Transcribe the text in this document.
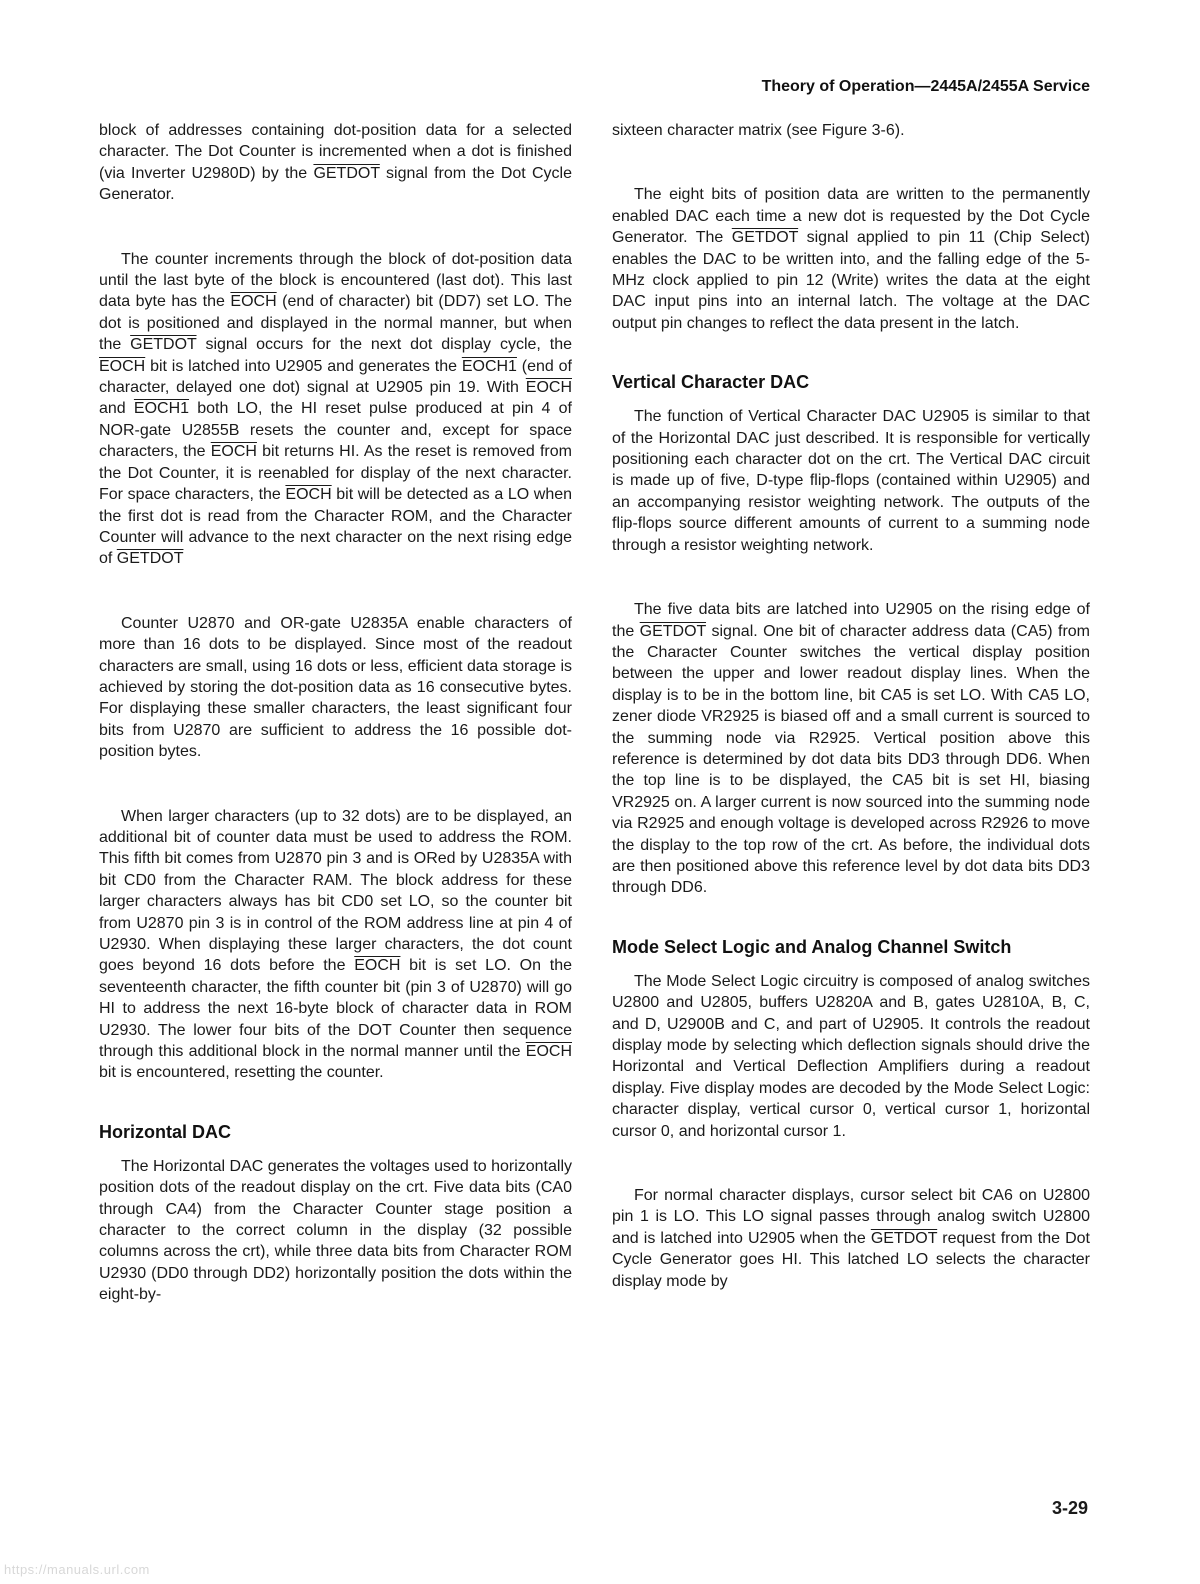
Theory of Operation—2445A/2455A Service

block of addresses containing dot-position data for a selected character. The Dot Counter is incremented when a dot is finished (via Inverter U2980D) by the GETDOT signal from the Dot Cycle Generator.

The counter increments through the block of dot-position data until the last byte of the block is encountered (last dot). This last data byte has the EOCH (end of character) bit (DD7) set LO. The dot is positioned and displayed in the normal manner, but when the GETDOT signal occurs for the next dot display cycle, the EOCH bit is latched into U2905 and generates the EOCH1 (end of character, delayed one dot) signal at U2905 pin 19. With EOCH and EOCH1 both LO, the HI reset pulse produced at pin 4 of NOR-gate U2855B resets the counter and, except for space characters, the EOCH bit returns HI. As the reset is removed from the Dot Counter, it is reenabled for display of the next character. For space characters, the EOCH bit will be detected as a LO when the first dot is read from the Character ROM, and the Character Counter will advance to the next character on the next rising edge of GETDOT

Counter U2870 and OR-gate U2835A enable characters of more than 16 dots to be displayed. Since most of the readout characters are small, using 16 dots or less, efficient data storage is achieved by storing the dot-position data as 16 consecutive bytes. For displaying these smaller characters, the least significant four bits from U2870 are sufficient to address the 16 possible dot-position bytes.

When larger characters (up to 32 dots) are to be displayed, an additional bit of counter data must be used to address the ROM. This fifth bit comes from U2870 pin 3 and is ORed by U2835A with bit CD0 from the Character RAM. The block address for these larger characters always has bit CD0 set LO, so the counter bit from U2870 pin 3 is in control of the ROM address line at pin 4 of U2930. When displaying these larger characters, the dot count goes beyond 16 dots before the EOCH bit is set LO. On the seventeenth character, the fifth counter bit (pin 3 of U2870) will go HI to address the next 16-byte block of character data in ROM U2930. The lower four bits of the DOT Counter then sequence through this additional block in the normal manner until the EOCH bit is encountered, resetting the counter.

Horizontal DAC

The Horizontal DAC generates the voltages used to horizontally position dots of the readout display on the crt. Five data bits (CA0 through CA4) from the Character Counter stage position a character to the correct column in the display (32 possible columns across the crt), while three data bits from Character ROM U2930 (DD0 through DD2) horizontally position the dots within the eight-by-

sixteen character matrix (see Figure 3-6).

The eight bits of position data are written to the permanently enabled DAC each time a new dot is requested by the Dot Cycle Generator. The GETDOT signal applied to pin 11 (Chip Select) enables the DAC to be written into, and the falling edge of the 5-MHz clock applied to pin 12 (Write) writes the data at the eight DAC input pins into an internal latch. The voltage at the DAC output pin changes to reflect the data present in the latch.

Vertical Character DAC

The function of Vertical Character DAC U2905 is similar to that of the Horizontal DAC just described. It is responsible for vertically positioning each character dot on the crt. The Vertical DAC circuit is made up of five, D-type flip-flops (contained within U2905) and an accompanying resistor weighting network. The outputs of the flip-flops source different amounts of current to a summing node through a resistor weighting network.

The five data bits are latched into U2905 on the rising edge of the GETDOT signal. One bit of character address data (CA5) from the Character Counter switches the vertical display position between the upper and lower readout display lines. When the display is to be in the bottom line, bit CA5 is set LO. With CA5 LO, zener diode VR2925 is biased off and a small current is sourced to the summing node via R2925. Vertical position above this reference is determined by dot data bits DD3 through DD6. When the top line is to be displayed, the CA5 bit is set HI, biasing VR2925 on. A larger current is now sourced into the summing node via R2925 and enough voltage is developed across R2926 to move the display to the top row of the crt. As before, the individual dots are then positioned above this reference level by dot data bits DD3 through DD6.

Mode Select Logic and Analog Channel Switch

The Mode Select Logic circuitry is composed of analog switches U2800 and U2805, buffers U2820A and B, gates U2810A, B, C, and D, U2900B and C, and part of U2905. It controls the readout display mode by selecting which deflection signals should drive the Horizontal and Vertical Deflection Amplifiers during a readout display. Five display modes are decoded by the Mode Select Logic: character display, vertical cursor 0, vertical cursor 1, horizontal cursor 0, and horizontal cursor 1.

For normal character displays, cursor select bit CA6 on U2800 pin 1 is LO. This LO signal passes through analog switch U2800 and is latched into U2905 when the GETDOT request from the Dot Cycle Generator goes HI. This latched LO selects the character display mode by

3-29
https://manuals.url.com
